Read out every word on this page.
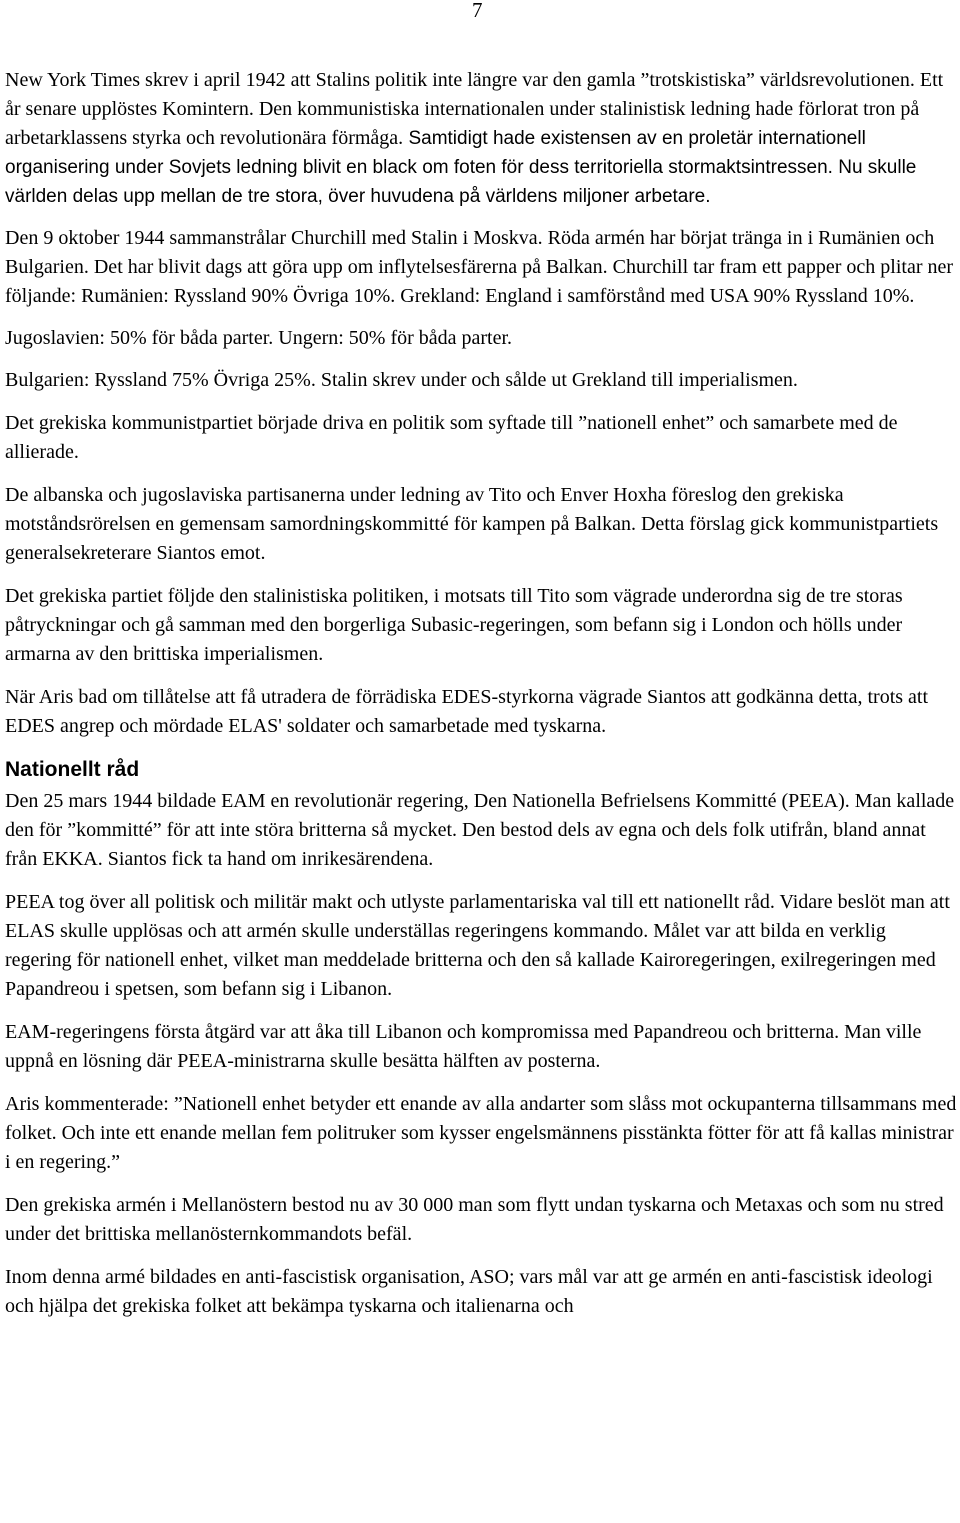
7

New York Times skrev i april 1942 att Stalins politik inte längre var den gamla ”trotskistiska” världsrevolutionen. Ett år senare upplöstes Komintern. Den kommunistiska internationalen under stalinistisk ledning hade förlorat tron på arbetarklassens styrka och revolutionära förmåga. Samtidigt hade existensen av en proletär internationell organisering under Sovjets ledning blivit en black om foten för dess territoriella stormaktsintressen. Nu skulle världen delas upp mellan de tre stora, över huvudena på världens miljoner arbetare.

Den 9 oktober 1944 sammanstrålar Churchill med Stalin i Moskva. Röda armén har börjat tränga in i Rumänien och Bulgarien. Det har blivit dags att göra upp om inflytelsesfärerna på Balkan. Churchill tar fram ett papper och plitar ner följande: Rumänien: Ryssland 90% Övriga 10%. Grekland: England i samförstånd med USA 90% Ryssland 10%.

Jugoslavien: 50% för båda parter. Ungern: 50% för båda parter.

Bulgarien: Ryssland 75% Övriga 25%. Stalin skrev under och sålde ut Grekland till imperialismen.

Det grekiska kommunistpartiet började driva en politik som syftade till ”nationell enhet” och samarbete med de allierade.

De albanska och jugoslaviska partisanerna under ledning av Tito och Enver Hoxha föreslog den grekiska motståndsrörelsen en gemensam samordningskommitté för kampen på Balkan. Detta förslag gick kommunistpartiets generalsekreterare Siantos emot.

Det grekiska partiet följde den stalinistiska politiken, i motsats till Tito som vägrade underordna sig de tre storas påtryckningar och gå samman med den borgerliga Subasic-regeringen, som befann sig i London och hölls under armarna av den brittiska imperialismen.

När Aris bad om tillåtelse att få utradera de förrädiska EDES-styrkorna vägrade Siantos att godkänna detta, trots att EDES angrep och mördade ELAS' soldater och samarbetade med tyskarna.

Nationellt råd

Den 25 mars 1944 bildade EAM en revolutionär regering, Den Nationella Befrielsens Kommitté (PEEA). Man kallade den för ”kommitté” för att inte störa britterna så mycket. Den bestod dels av egna och dels folk utifrån, bland annat från EKKA. Siantos fick ta hand om inrikesärendena.

PEEA tog över all politisk och militär makt och utlyste parlamentariska val till ett nationellt råd. Vidare beslöt man att ELAS skulle upplösas och att armén skulle underställas regeringens kommando. Målet var att bilda en verklig regering för nationell enhet, vilket man meddelade britterna och den så kallade Kairoregeringen, exilregeringen med Papandreou i spetsen, som befann sig i Libanon.

EAM-regeringens första åtgärd var att åka till Libanon och kompromissa med Papandreou och britterna. Man ville uppnå en lösning där PEEA-ministrarna skulle besätta hälften av posterna.

Aris kommenterade: ”Nationell enhet betyder ett enande av alla andarter som slåss mot ockupanterna tillsammans med folket. Och inte ett enande mellan fem politruker som kysser engelsmännens pisstänkta fötter för att få kallas ministrar i en regering.”

Den grekiska armén i Mellanöstern bestod nu av 30 000 man som flytt undan tyskarna och Metaxas och som nu stred under det brittiska mellanösternkommandots befäl.

Inom denna armé bildades en anti-fascistisk organisation, ASO; vars mål var att ge armén en anti-fascistisk ideologi och hjälpa det grekiska folket att bekämpa tyskarna och italienarna och
